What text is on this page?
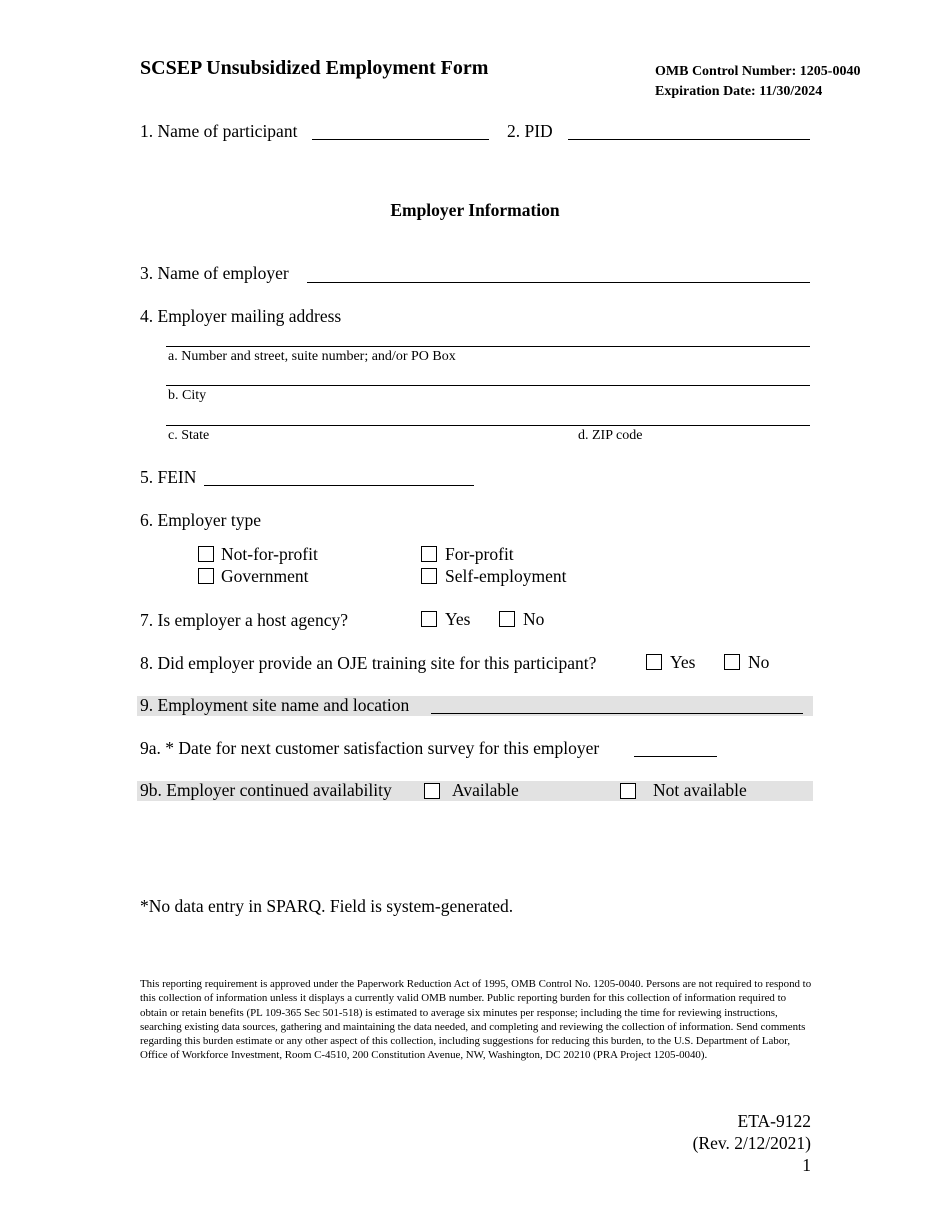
SCSEP Unsubsidized Employment Form	OMB Control Number: 1205-0040
Expiration Date: 11/30/2024
1. Name of participant	2. PID
Employer Information
3. Name of employer
4. Employer mailing address
a. Number and street, suite number; and/or PO Box
b. City
c. State	d. ZIP code
5. FEIN
6. Employer type
Not-for-profit	For-profit
Government	Self-employment
7. Is employer a host agency?	Yes	No
8. Did employer provide an OJE training site for this participant?	Yes	No
9. Employment site name and location
9a. * Date for next customer satisfaction survey for this employer
9b. Employer continued availability	Available	Not available
*No data entry in SPARQ. Field is system-generated.
This reporting requirement is approved under the Paperwork Reduction Act of 1995, OMB Control No. 1205-0040. Persons are not required to respond to this collection of information unless it displays a currently valid OMB number. Public reporting burden for this collection of information required to obtain or retain benefits (PL 109-365 Sec 501-518) is estimated to average six minutes per response; including the time for reviewing instructions, searching existing data sources, gathering and maintaining the data needed, and completing and reviewing the collection of information. Send comments regarding this burden estimate or any other aspect of this collection, including suggestions for reducing this burden, to the U.S. Department of Labor, Office of Workforce Investment, Room C-4510, 200 Constitution Avenue, NW, Washington, DC 20210 (PRA Project 1205-0040).
ETA-9122
(Rev. 2/12/2021)
1
